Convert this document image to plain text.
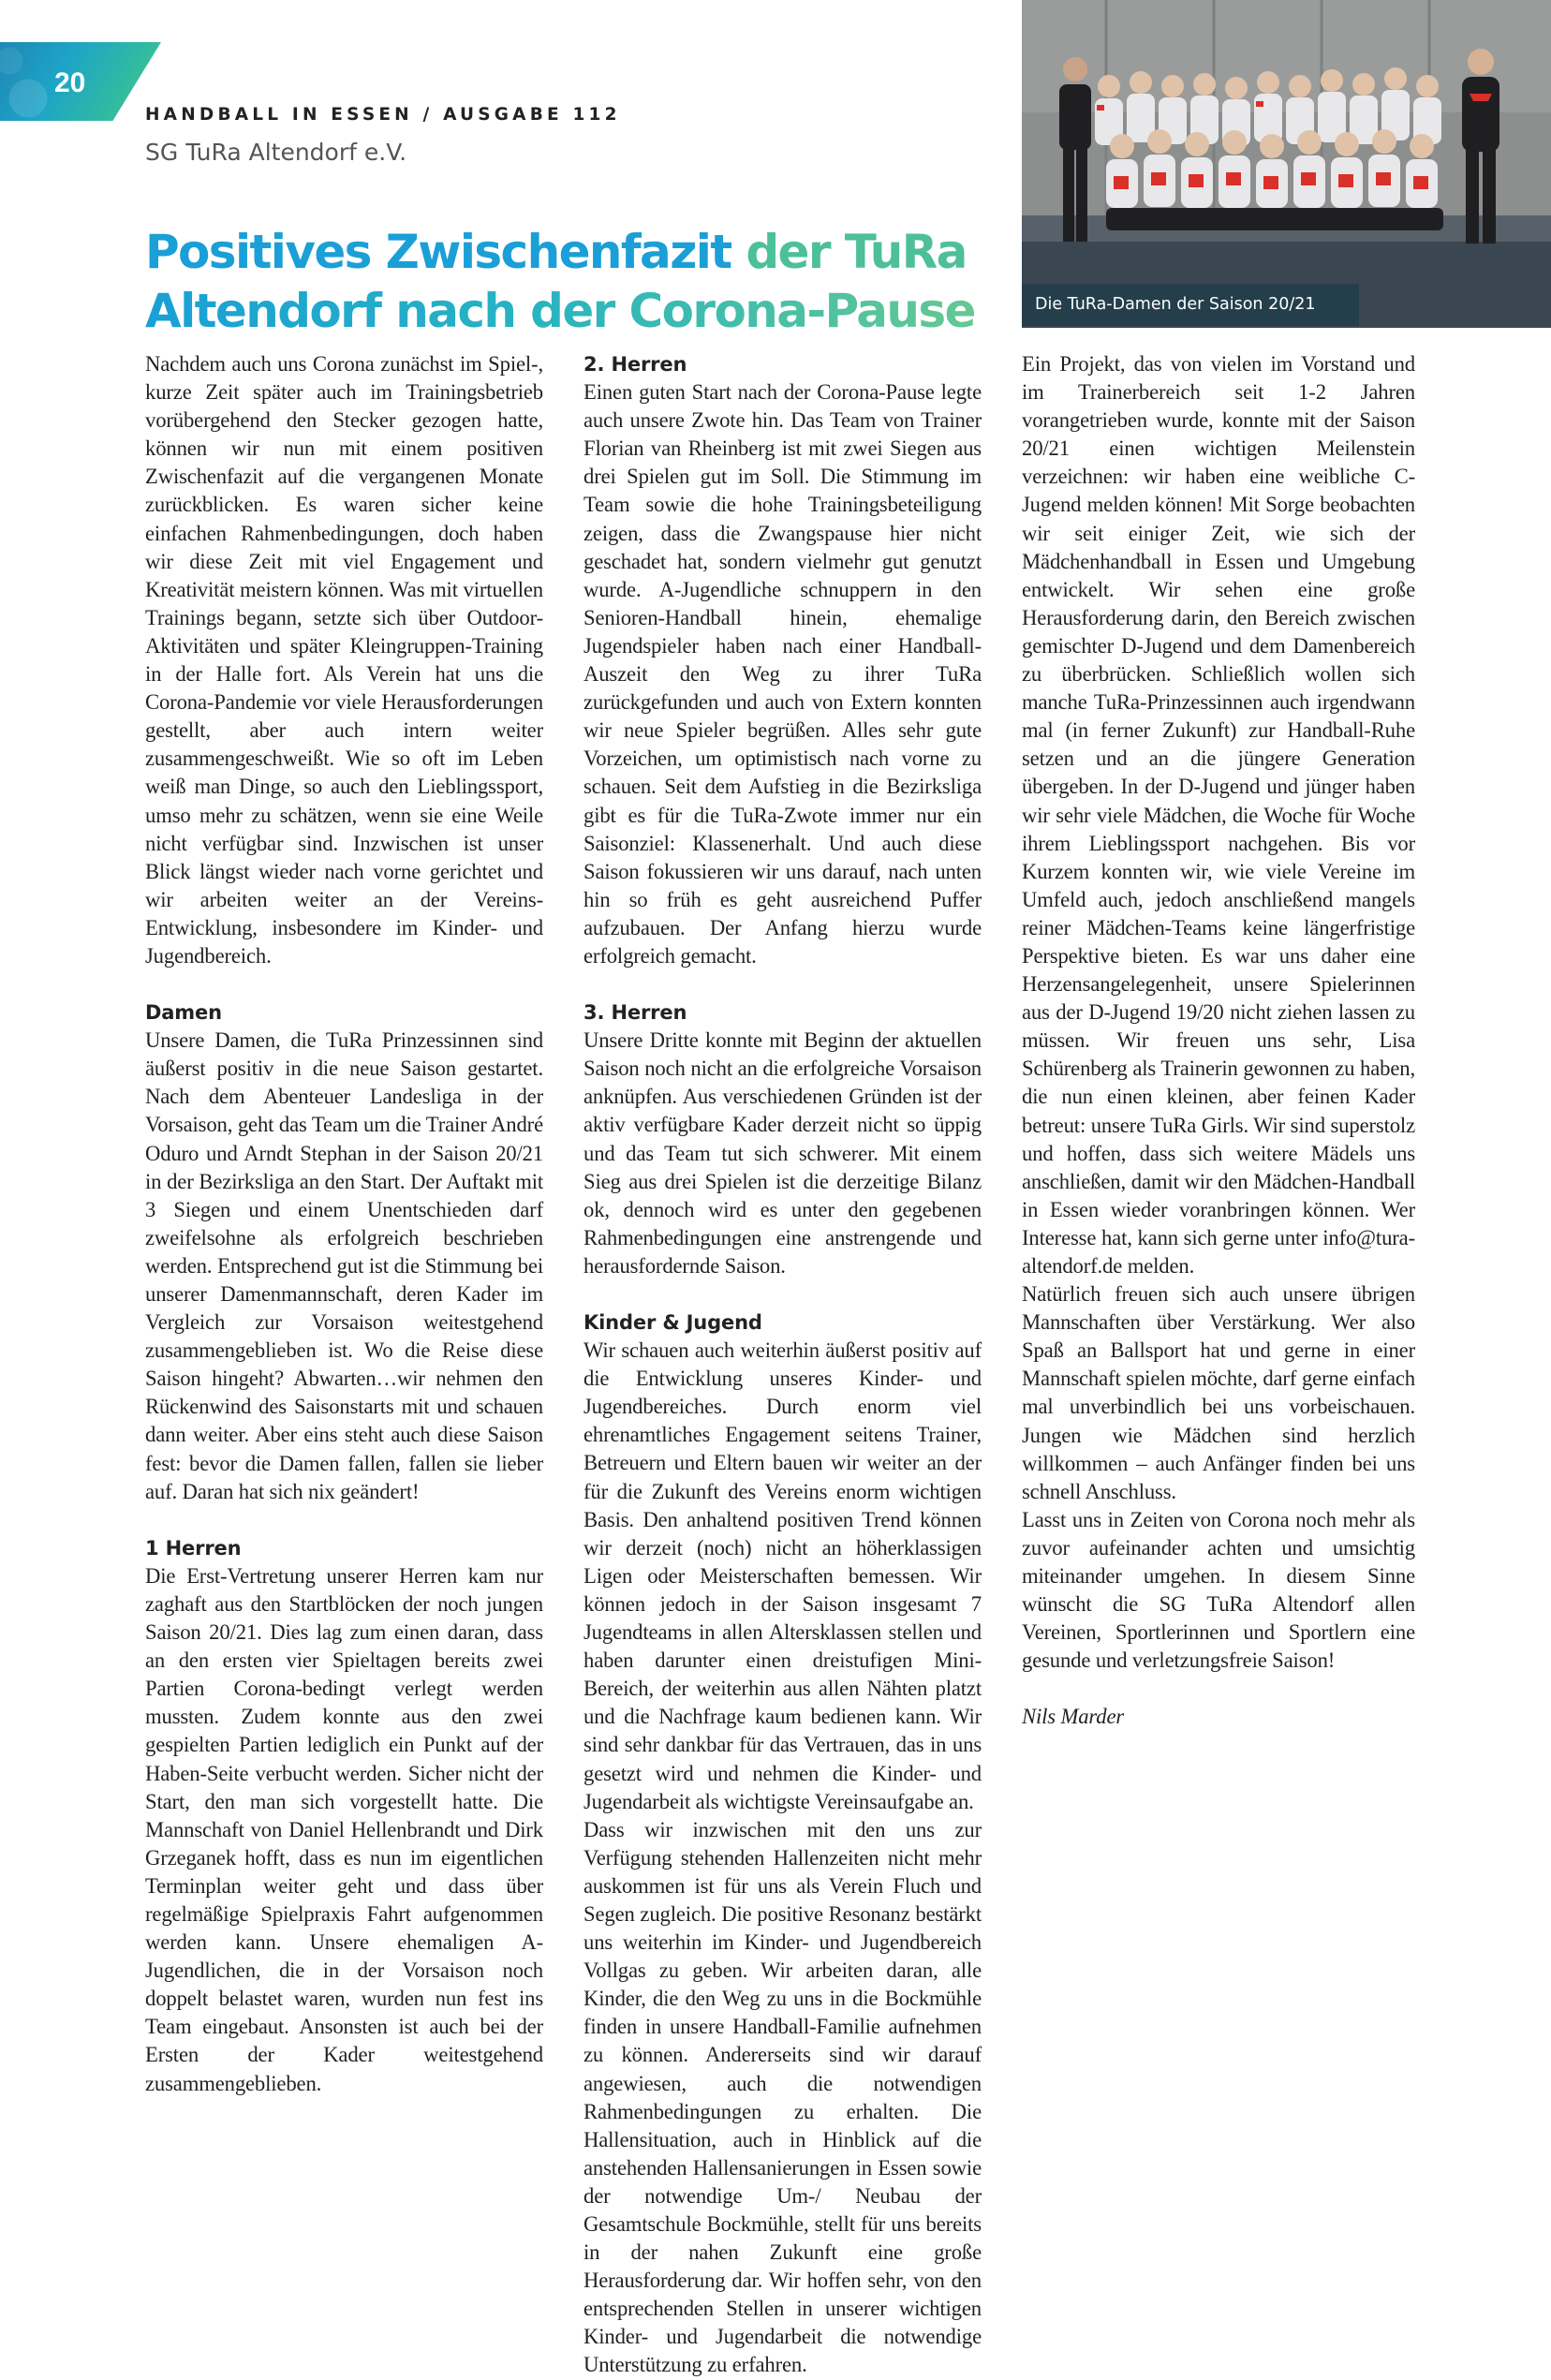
20
HANDBALL IN ESSEN / AUSGABE 112
SG TuRa Altendorf e.V.
Positives Zwischenfazit der TuRa
Altendorf nach der Corona-Pause	Die TuRa-Damen der Saison 20/21

Nachdem auch uns Corona zunächst im Spiel-, kurze Zeit später auch im Trainingsbetrieb vorübergehend den Stecker gezogen hatte, können wir nun mit einem positiven Zwischenfazit auf die vergangenen Monate zurückblicken. Es waren sicher keine einfachen Rahmenbedingungen, doch haben wir diese Zeit mit viel Engagement und Kreativität meistern können. Was mit virtuellen Trainings begann, setzte sich über Outdoor-Aktivitäten und später Kleingruppen-Training in der Halle fort. Als Verein hat uns die Corona-Pandemie vor viele Herausforderungen gestellt, aber auch intern weiter zusammengeschweißt. Wie so oft im Leben weiß man Dinge, so auch den Lieblingssport, umso mehr zu schätzen, wenn sie eine Weile nicht verfügbar sind. Inzwischen ist unser Blick längst wieder nach vorne gerichtet und wir arbeiten weiter an der Vereins-Entwicklung, insbesondere im Kinder- und Jugendbereich.

Damen

Unsere Damen, die TuRa Prinzessinnen sind äußerst positiv in die neue Saison gestartet. Nach dem Abenteuer Landesliga in der Vorsaison, geht das Team um die Trainer André Oduro und Arndt Stephan in der Saison 20/21 in der Bezirksliga an den Start. Der Auftakt mit 3 Siegen und einem Unentschieden darf zweifelsohne als erfolgreich beschrieben werden. Entsprechend gut ist die Stimmung bei unserer Damenmannschaft, deren Kader im Vergleich zur Vorsaison weitestgehend zusammengeblieben ist. Wo die Reise diese Saison hingeht? Abwarten…wir nehmen den Rückenwind des Saisonstarts mit und schauen dann weiter. Aber eins steht auch diese Saison fest: bevor die Damen fallen, fallen sie lieber auf. Daran hat sich nix geändert!

1 Herren

Die Erst-Vertretung unserer Herren kam nur zaghaft aus den Startblöcken der noch jungen Saison 20/21. Dies lag zum einen daran, dass an den ersten vier Spieltagen bereits zwei Partien Corona-bedingt verlegt werden mussten. Zudem konnte aus den zwei gespielten Partien lediglich ein Punkt auf der Haben-Seite verbucht werden. Sicher nicht der Start, den man sich vorgestellt hatte. Die Mannschaft von Daniel Hellenbrandt und Dirk Grzeganek hofft, dass es nun im eigentlichen Terminplan weiter geht und dass über regelmäßige Spielpraxis Fahrt aufgenommen werden kann. Unsere ehemaligen A-Jugendlichen, die in der Vorsaison noch doppelt belastet waren, wurden nun fest ins Team eingebaut. Ansonsten ist auch bei der Ersten der Kader weitestgehend zusammengeblieben.

2. Herren

Einen guten Start nach der Corona-Pause legte auch unsere Zwote hin. Das Team von Trainer Florian van Rheinberg ist mit zwei Siegen aus drei Spielen gut im Soll. Die Stimmung im Team sowie die hohe Trainingsbeteiligung zeigen, dass die Zwangspause hier nicht geschadet hat, sondern vielmehr gut genutzt wurde. A-Jugendliche schnuppern in den Senioren-Handball hinein, ehemalige Jugendspieler haben nach einer Handball-Auszeit den Weg zu ihrer TuRa zurückgefunden und auch von Extern konnten wir neue Spieler begrüßen. Alles sehr gute Vorzeichen, um optimistisch nach vorne zu schauen. Seit dem Aufstieg in die Bezirksliga gibt es für die TuRa-Zwote immer nur ein Saisonziel: Klassenerhalt. Und auch diese Saison fokussieren wir uns darauf, nach unten hin so früh es geht ausreichend Puffer aufzubauen. Der Anfang hierzu wurde erfolgreich gemacht.

3. Herren

Unsere Dritte konnte mit Beginn der aktuellen Saison noch nicht an die erfolgreiche Vorsaison anknüpfen. Aus verschiedenen Gründen ist der aktiv verfügbare Kader derzeit nicht so üppig und das Team tut sich schwerer. Mit einem Sieg aus drei Spielen ist die derzeitige Bilanz ok, dennoch wird es unter den gegebenen Rahmenbedingungen eine anstrengende und herausfordernde Saison.

Kinder & Jugend

Wir schauen auch weiterhin äußerst positiv auf die Entwicklung unseres Kinder- und Jugendbereiches. Durch enorm viel ehrenamtliches Engagement seitens Trainer, Betreuern und Eltern bauen wir weiter an der für die Zukunft des Vereins enorm wichtigen Basis. Den anhaltend positiven Trend können wir derzeit (noch) nicht an höherklassigen Ligen oder Meisterschaften bemessen. Wir können jedoch in der Saison insgesamt 7 Jugendteams in allen Altersklassen stellen und haben darunter einen dreistufigen Mini-Bereich, der weiterhin aus allen Nähten platzt und die Nachfrage kaum bedienen kann. Wir sind sehr dankbar für das Vertrauen, das in uns gesetzt wird und nehmen die Kinder- und Jugendarbeit als wichtigste Vereinsaufgabe an.

Dass wir inzwischen mit den uns zur Verfügung stehenden Hallenzeiten nicht mehr auskommen ist für uns als Verein Fluch und Segen zugleich. Die positive Resonanz bestärkt uns weiterhin im Kinder- und Jugendbereich Vollgas zu geben. Wir arbeiten daran, alle Kinder, die den Weg zu uns in die Bockmühle finden in unsere Handball-Familie aufnehmen zu können. Andererseits sind wir darauf angewiesen, auch die notwendigen Rahmenbedingungen zu erhalten. Die Hallensituation, auch in Hinblick auf die anstehenden Hallensanierungen in Essen sowie der notwendige Um-/ Neubau der Gesamtschule Bockmühle, stellt für uns bereits in der nahen Zukunft eine große Herausforderung dar. Wir hoffen sehr, von den entsprechenden Stellen in unserer wichtigen Kinder- und Jugendarbeit die notwendige Unterstützung zu erfahren.

Ein Projekt, das von vielen im Vorstand und im Trainerbereich seit 1-2 Jahren vorangetrieben wurde, konnte mit der Saison 20/21 einen wichtigen Meilenstein verzeichnen: wir haben eine weibliche C-Jugend melden können! Mit Sorge beobachten wir seit einiger Zeit, wie sich der Mädchenhandball in Essen und Umgebung entwickelt. Wir sehen eine große Herausforderung darin, den Bereich zwischen gemischter D-Jugend und dem Damenbereich zu überbrücken. Schließlich wollen sich manche TuRa-Prinzessinnen auch irgendwann mal (in ferner Zukunft) zur Handball-Ruhe setzen und an die jüngere Generation übergeben. In der D-Jugend und jünger haben wir sehr viele Mädchen, die Woche für Woche ihrem Lieblingssport nachgehen. Bis vor Kurzem konnten wir, wie viele Vereine im Umfeld auch, jedoch anschließend mangels reiner Mädchen-Teams keine längerfristige Perspektive bieten. Es war uns daher eine Herzensangelegenheit, unsere Spielerinnen aus der D-Jugend 19/20 nicht ziehen lassen zu müssen. Wir freuen uns sehr, Lisa Schürenberg als Trainerin gewonnen zu haben, die nun einen kleinen, aber feinen Kader betreut: unsere TuRa Girls. Wir sind superstolz und hoffen, dass sich weitere Mädels uns anschließen, damit wir den Mädchen-Handball in Essen wieder voranbringen können. Wer Interesse hat, kann sich gerne unter info@tura-altendorf.de melden.

Natürlich freuen sich auch unsere übrigen Mannschaften über Verstärkung. Wer also Spaß an Ballsport hat und gerne in einer Mannschaft spielen möchte, darf gerne einfach mal unverbindlich bei uns vorbeischauen. Jungen wie Mädchen sind herzlich willkommen – auch Anfänger finden bei uns schnell Anschluss.

Lasst uns in Zeiten von Corona noch mehr als zuvor aufeinander achten und umsichtig miteinander umgehen. In diesem Sinne wünscht die SG TuRa Altendorf allen Vereinen, Sportlerinnen und Sportlern eine gesunde und verletzungsfreie Saison!

Nils Marder
